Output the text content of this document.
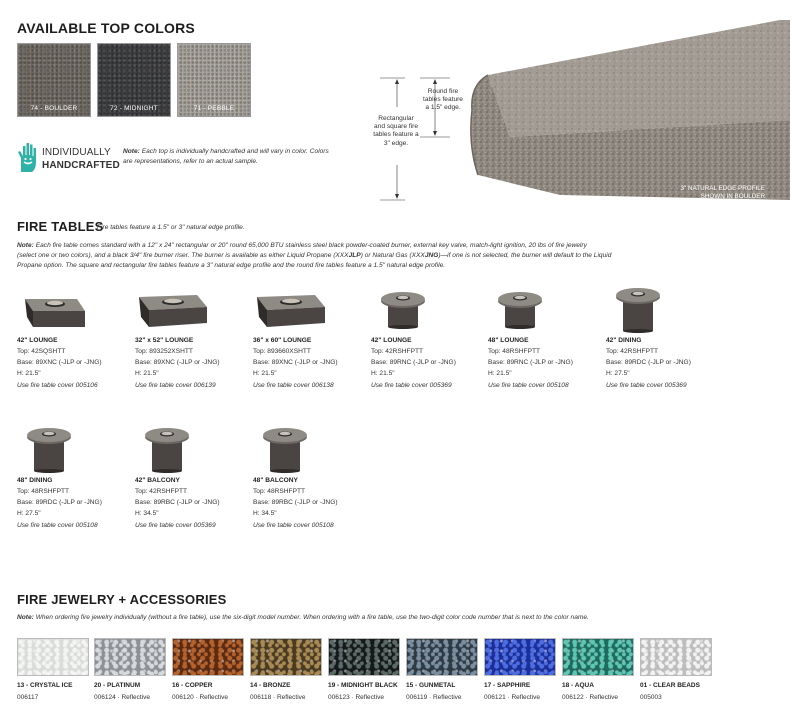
AVAILABLE TOP COLORS
74 - BOULDER	72 - MIDNIGHT	71 - PEBBLE
INDIVIDUALLY
HANDCRAFTED
Note: Each top is individually handcrafted and will vary in color. Colors are representations, refer to an actual sample.
Round fire tables feature a 1.5" edge.
Rectangular and square fire tables feature a 3" edge.
3" NATURAL EDGE PROFILE
SHOWN IN BOULDER
FIRE TABLES
Fire tables feature a 1.5" or 3" natural edge profile.
Note: Each fire table comes standard with a 12" x 24" rectangular or 20" round 65,000 BTU stainless steel black powder-coated burner, external key valve, match-light ignition, 20 lbs of fire jewelry
(select one or two colors), and a black 3/4" fire burner riser. The burner is available as either Liquid Propane (XXXJLP) or Natural Gas (XXXJNG)—if one is not selected, the burner will default to the Liquid
Propane option. The square and rectangular fire tables feature a 3" natural edge profile and the round fire tables feature a 1.5" natural edge profile.
42" LOUNGE
Top: 42SQSHTT
Base: 89XNC (-JLP or -JNG)
H: 21.5"
Use fire table cover 005106
32" x 52" LOUNGE
Top: 893252XSHTT
Base: 89XNC (-JLP or -JNG)
H: 21.5"
Use fire table cover 006139
36" x 60" LOUNGE
Top: 893660XSHTT
Base: 89XNC (-JLP or -JNG)
H: 21.5"
Use fire table cover 006138
42" LOUNGE
Top: 42RSHFPTT
Base: 89RNC (-JLP or -JNG)
H: 21.5"
Use fire table cover 005369
48" LOUNGE
Top: 48RSHFPTT
Base: 89RNC (-JLP or -JNG)
H: 21.5"
Use fire table cover 005108
42" DINING
Top: 42RSHFPTT
Base: 89RDC (-JLP or -JNG)
H: 27.5"
Use fire table cover 005369
48" DINING
Top: 48RSHFPTT
Base: 89RDC (-JLP or -JNG)
H: 27.5"
Use fire table cover 005108
42" BALCONY
Top: 42RSHFPTT
Base: 89RBC (-JLP or -JNG)
H: 34.5"
Use fire table cover 005369
48" BALCONY
Top: 48RSHFPTT
Base: 89RBC (-JLP or -JNG)
H: 34.5"
Use fire table cover 005108
FIRE JEWELRY + ACCESSORIES
Note: When ordering fire jewelry individually (without a fire table), use the six-digit model number. When ordering with a fire table, use the two-digit color code number that is next to the color name.
13 - CRYSTAL ICE
006117
20 - PLATINUM
006124 · Reflective
16 - COPPER
006120 · Reflective
14 - BRONZE
006118 · Reflective
19 - MIDNIGHT BLACK
006123 · Reflective
15 - GUNMETAL
006119 · Reflective
17 - SAPPHIRE
006121 · Reflective
18 - AQUA
006122 · Reflective
01 - CLEAR BEADS
005003
